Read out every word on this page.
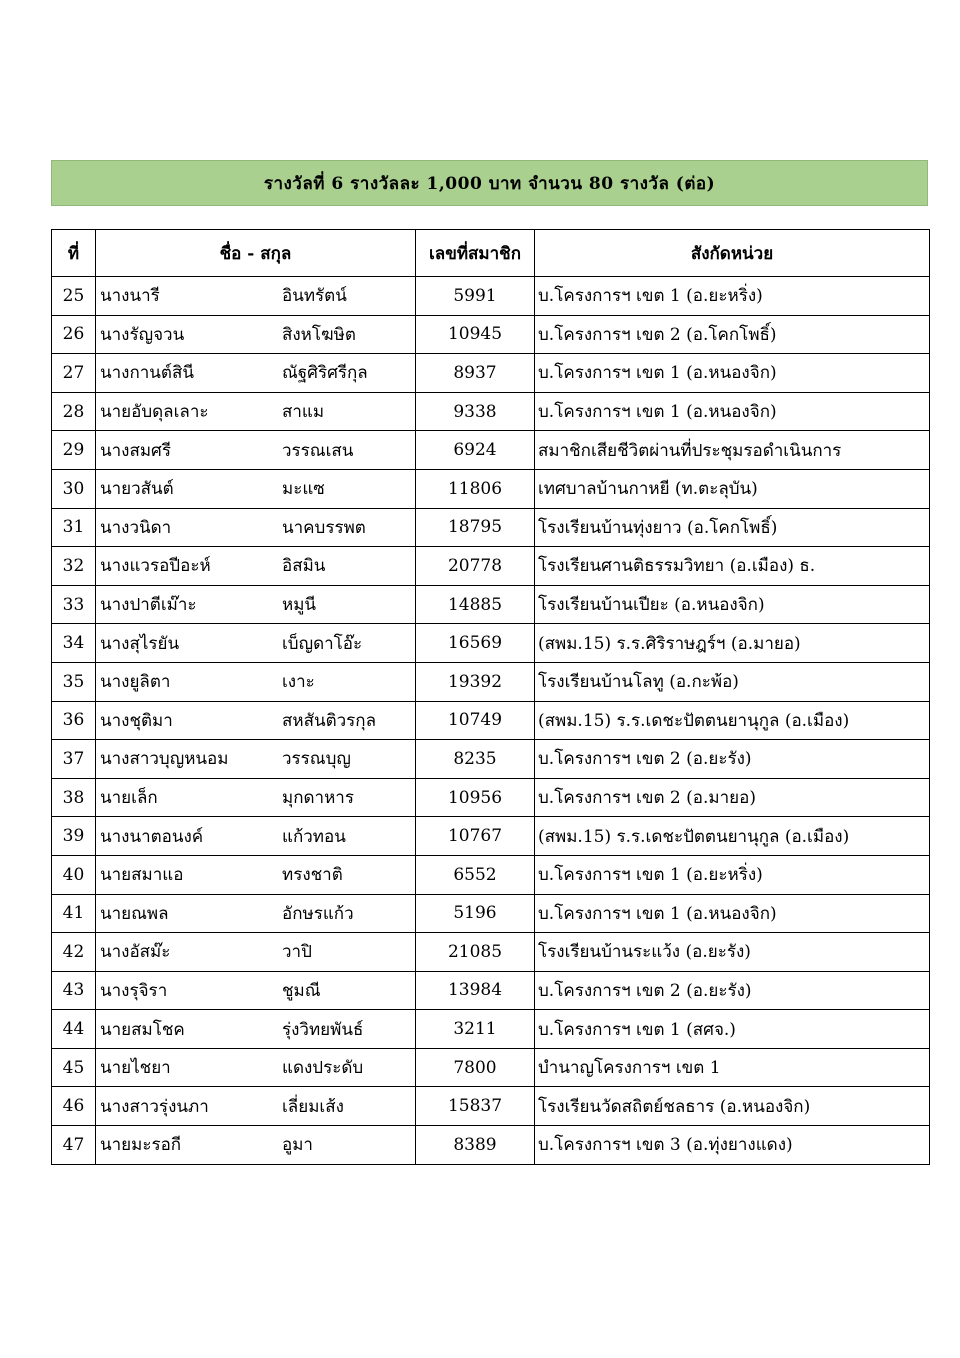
รางวัลที่ 6 รางวัลละ 1,000 บาท จำนวน 80 รางวัล (ต่อ)
ที่	ชื่อ - สกุล	เลขที่สมาชิก	สังกัดหน่วย
25	นางนารี อินทรัตน์	5991	บ.โครงการฯ เขต 1 (อ.ยะหริ่ง)
26	นางรัญจวน สิงหโฆษิต	10945	บ.โครงการฯ เขต 2 (อ.โคกโพธิ์)
27	นางกานต์สินี ณัฐศิริศรีกุล	8937	บ.โครงการฯ เขต 1 (อ.หนองจิก)
28	นายอับดุลเลาะ สาแม	9338	บ.โครงการฯ เขต 1 (อ.หนองจิก)
29	นางสมศรี วรรณเสน	6924	สมาชิกเสียชีวิตผ่านที่ประชุมรอดำเนินการ
30	นายวสันต์ มะแซ	11806	เทศบาลบ้านกาหยี (ท.ตะลุบัน)
31	นางวนิดา นาคบรรพต	18795	โรงเรียนบ้านทุ่งยาว (อ.โคกโพธิ์)
32	นางแวรอปีอะห์ อิสมิน	20778	โรงเรียนศานติธรรมวิทยา (อ.เมือง) ธ.
33	นางปาตีเม๊าะ หมูนี	14885	โรงเรียนบ้านเปียะ (อ.หนองจิก)
34	นางสุไรยัน เบ็ญดาโอ๊ะ	16569	(สพม.15) ร.ร.ศิริราษฎร์ฯ (อ.มายอ)
35	นางยูลิตา เงาะ	19392	โรงเรียนบ้านโลทู (อ.กะพ้อ)
36	นางชุติมา สหสันติวรกุล	10749	(สพม.15) ร.ร.เดชะปัตตนยานุกูล (อ.เมือง)
37	นางสาวบุญหนอม วรรณบุญ	8235	บ.โครงการฯ เขต 2 (อ.ยะรัง)
38	นายเล็ก มุกดาหาร	10956	บ.โครงการฯ เขต 2 (อ.มายอ)
39	นางนาตอนงค์ แก้วทอน	10767	(สพม.15) ร.ร.เดชะปัตตนยานุกูล (อ.เมือง)
40	นายสมาแอ ทรงชาติ	6552	บ.โครงการฯ เขต 1 (อ.ยะหริ่ง)
41	นายณพล อักษรแก้ว	5196	บ.โครงการฯ เขต 1 (อ.หนองจิก)
42	นางอัสม๊ะ วาปิ	21085	โรงเรียนบ้านระแว้ง (อ.ยะรัง)
43	นางรุจิรา ชูมณี	13984	บ.โครงการฯ เขต 2 (อ.ยะรัง)
44	นายสมโชค รุ่งวิทยพันธ์	3211	บ.โครงการฯ เขต 1 (สศจ.)
45	นายไชยา แดงประดับ	7800	บำนาญโครงการฯ เขต 1
46	นางสาวรุ่งนภา เลี่ยมเส้ง	15837	โรงเรียนวัดสถิตย์ชลธาร (อ.หนองจิก)
47	นายมะรอกี อูมา	8389	บ.โครงการฯ เขต 3 (อ.ทุ่งยางแดง)
